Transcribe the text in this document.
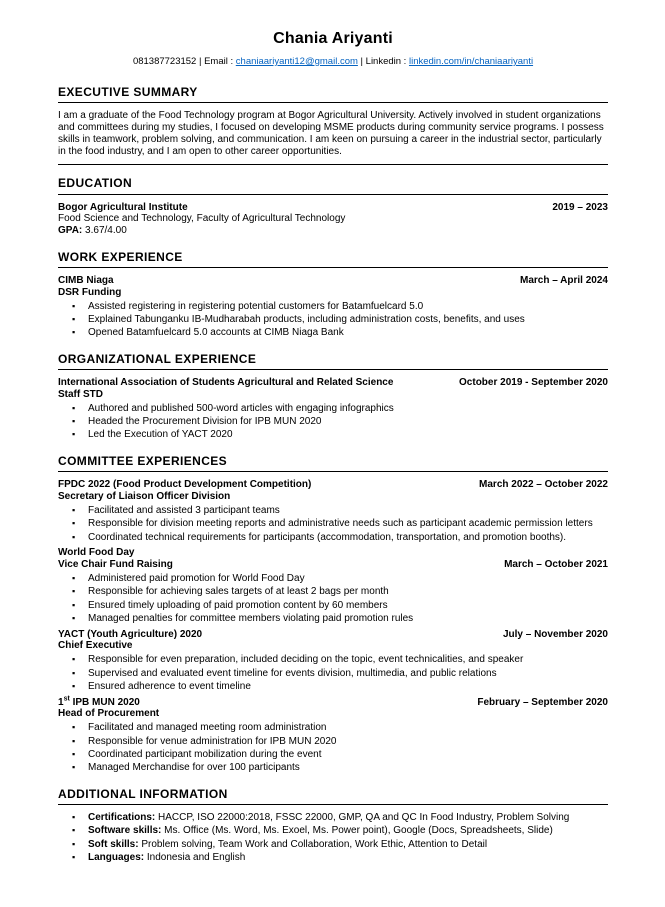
Chania Ariyanti
081387723152 | Email : chaniaariyanti12@gmail.com | Linkedin : linkedin.com/in/chaniaariyanti
EXECUTIVE SUMMARY

I am a graduate of the Food Technology program at Bogor Agricultural University. Actively involved in student organizations and committees during my studies, I focused on developing MSME products during community service programs. I possess skills in teamwork, problem solving, and communication. I am keen on pursuing a career in the industrial sector, particularly in the food industry, and I am open to other career opportunities.

EDUCATION
Bogor Agricultural Institute	2019 – 2023
Food Science and Technology, Faculty of Agricultural Technology
GPA: 3.67/4.00
WORK EXPERIENCE
CIMB Niaga	March – April 2024
DSR Funding
▪ Assisted registering in registering potential customers for Batamfuelcard 5.0
▪ Explained Tabunganku IB-Mudharabah products, including administration costs, benefits, and uses
▪ Opened Batamfuelcard 5.0 accounts at CIMB Niaga Bank
ORGANIZATIONAL EXPERIENCE
International Association of Students Agricultural and Related Science	October 2019 - September 2020
Staff STD
▪ Authored and published 500-word articles with engaging infographics
▪ Headed the Procurement Division for IPB MUN 2020
▪ Led the Execution of YACT 2020
COMMITTEE EXPERIENCES
FPDC 2022 (Food Product Development Competition)	March 2022 – October 2022
Secretary of Liaison Officer Division
▪ Facilitated and assisted 3 participant teams
▪ Responsible for division meeting reports and administrative needs such as participant academic permission letters
▪ Coordinated technical requirements for participants (accommodation, transportation, and promotion booths).
World Food Day
Vice Chair Fund Raising	March – October 2021
▪ Administered paid promotion for World Food Day
▪ Responsible for achieving sales targets of at least 2 bags per month
▪ Ensured timely uploading of paid promotion content by 60 members
▪ Managed penalties for committee members violating paid promotion rules
YACT (Youth Agriculture) 2020	July – November 2020
Chief Executive
▪ Responsible for even preparation, included deciding on the topic, event technicalities, and speaker
▪ Supervised and evaluated event timeline for events division, multimedia, and public relations
▪ Ensured adherence to event timeline
1st IPB MUN 2020	February – September 2020
Head of Procurement
▪ Facilitated and managed meeting room administration
▪ Responsible for venue administration for IPB MUN 2020
▪ Coordinated participant mobilization during the event
▪ Managed Merchandise for over 100 participants
ADDITIONAL INFORMATION
▪ Certifications: HACCP, ISO 22000:2018, FSSC 22000, GMP, QA and QC In Food Industry, Problem Solving
▪ Software skills: Ms. Office (Ms. Word, Ms. Exoel, Ms. Power point), Google (Docs, Spreadsheets, Slide)
▪ Soft skills: Problem solving, Team Work and Collaboration, Work Ethic, Attention to Detail
▪ Languages: Indonesia and English
